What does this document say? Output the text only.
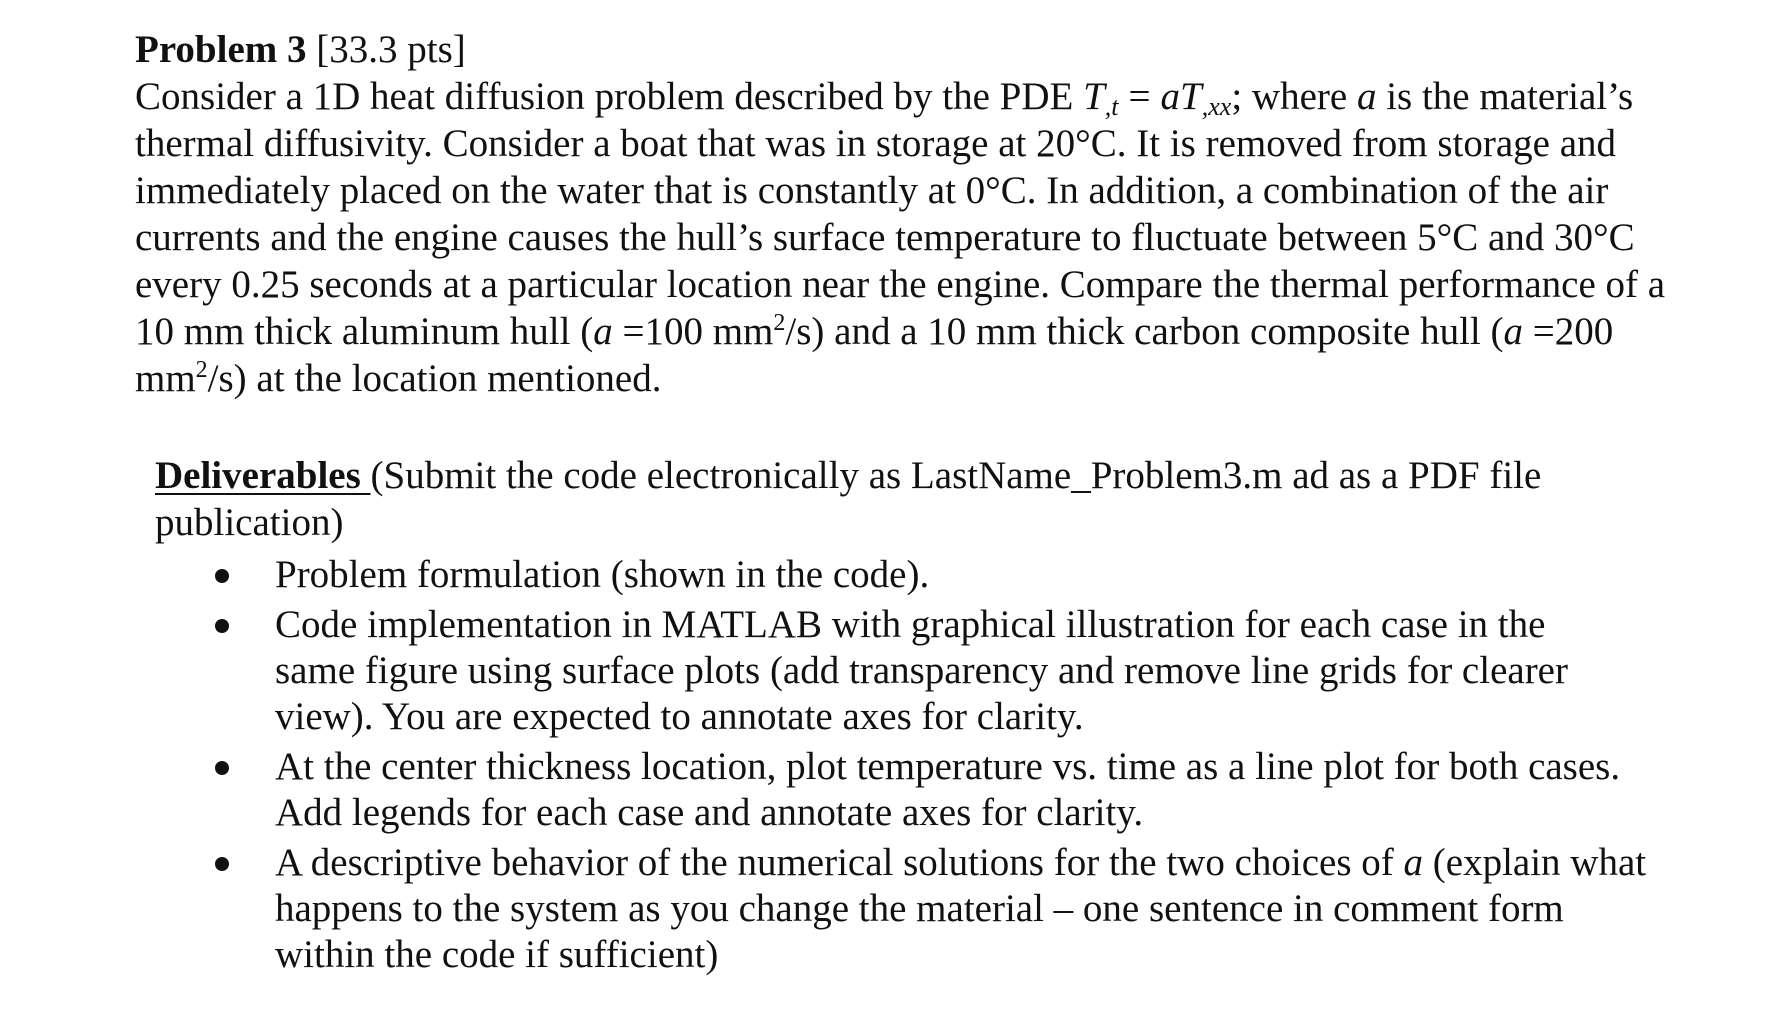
Problem 3 [33.3 pts]
Consider a 1D heat diffusion problem described by the PDE $T_{,t} = aT_{,xx}$; where a is the material’s
thermal diffusivity. Consider a boat that was in storage at 20°C. It is removed from storage and
immediately placed on the water that is constantly at 0°C. In addition, a combination of the air
currents and the engine causes the hull’s surface temperature to fluctuate between 5°C and 30°C
every 0.25 seconds at a particular location near the engine. Compare the thermal performance of a
10 mm thick aluminum hull (a =100 $mm^2/s$) and a 10 mm thick carbon composite hull (a =200
$mm^2/s$) at the location mentioned.
Deliverables (Submit the code electronically as LastName_Problem3.m ad as a PDF file
publication)
Problem formulation (shown in the code).
Code implementation in MATLAB with graphical illustration for each case in the
same figure using surface plots (add transparency and remove line grids for clearer
view). You are expected to annotate axes for clarity.
At the center thickness location, plot temperature vs. time as a line plot for both cases.
Add legends for each case and annotate axes for clarity.
A descriptive behavior of the numerical solutions for the two choices of a (explain what
happens to the system as you change the material – one sentence in comment form
within the code if sufficient)
